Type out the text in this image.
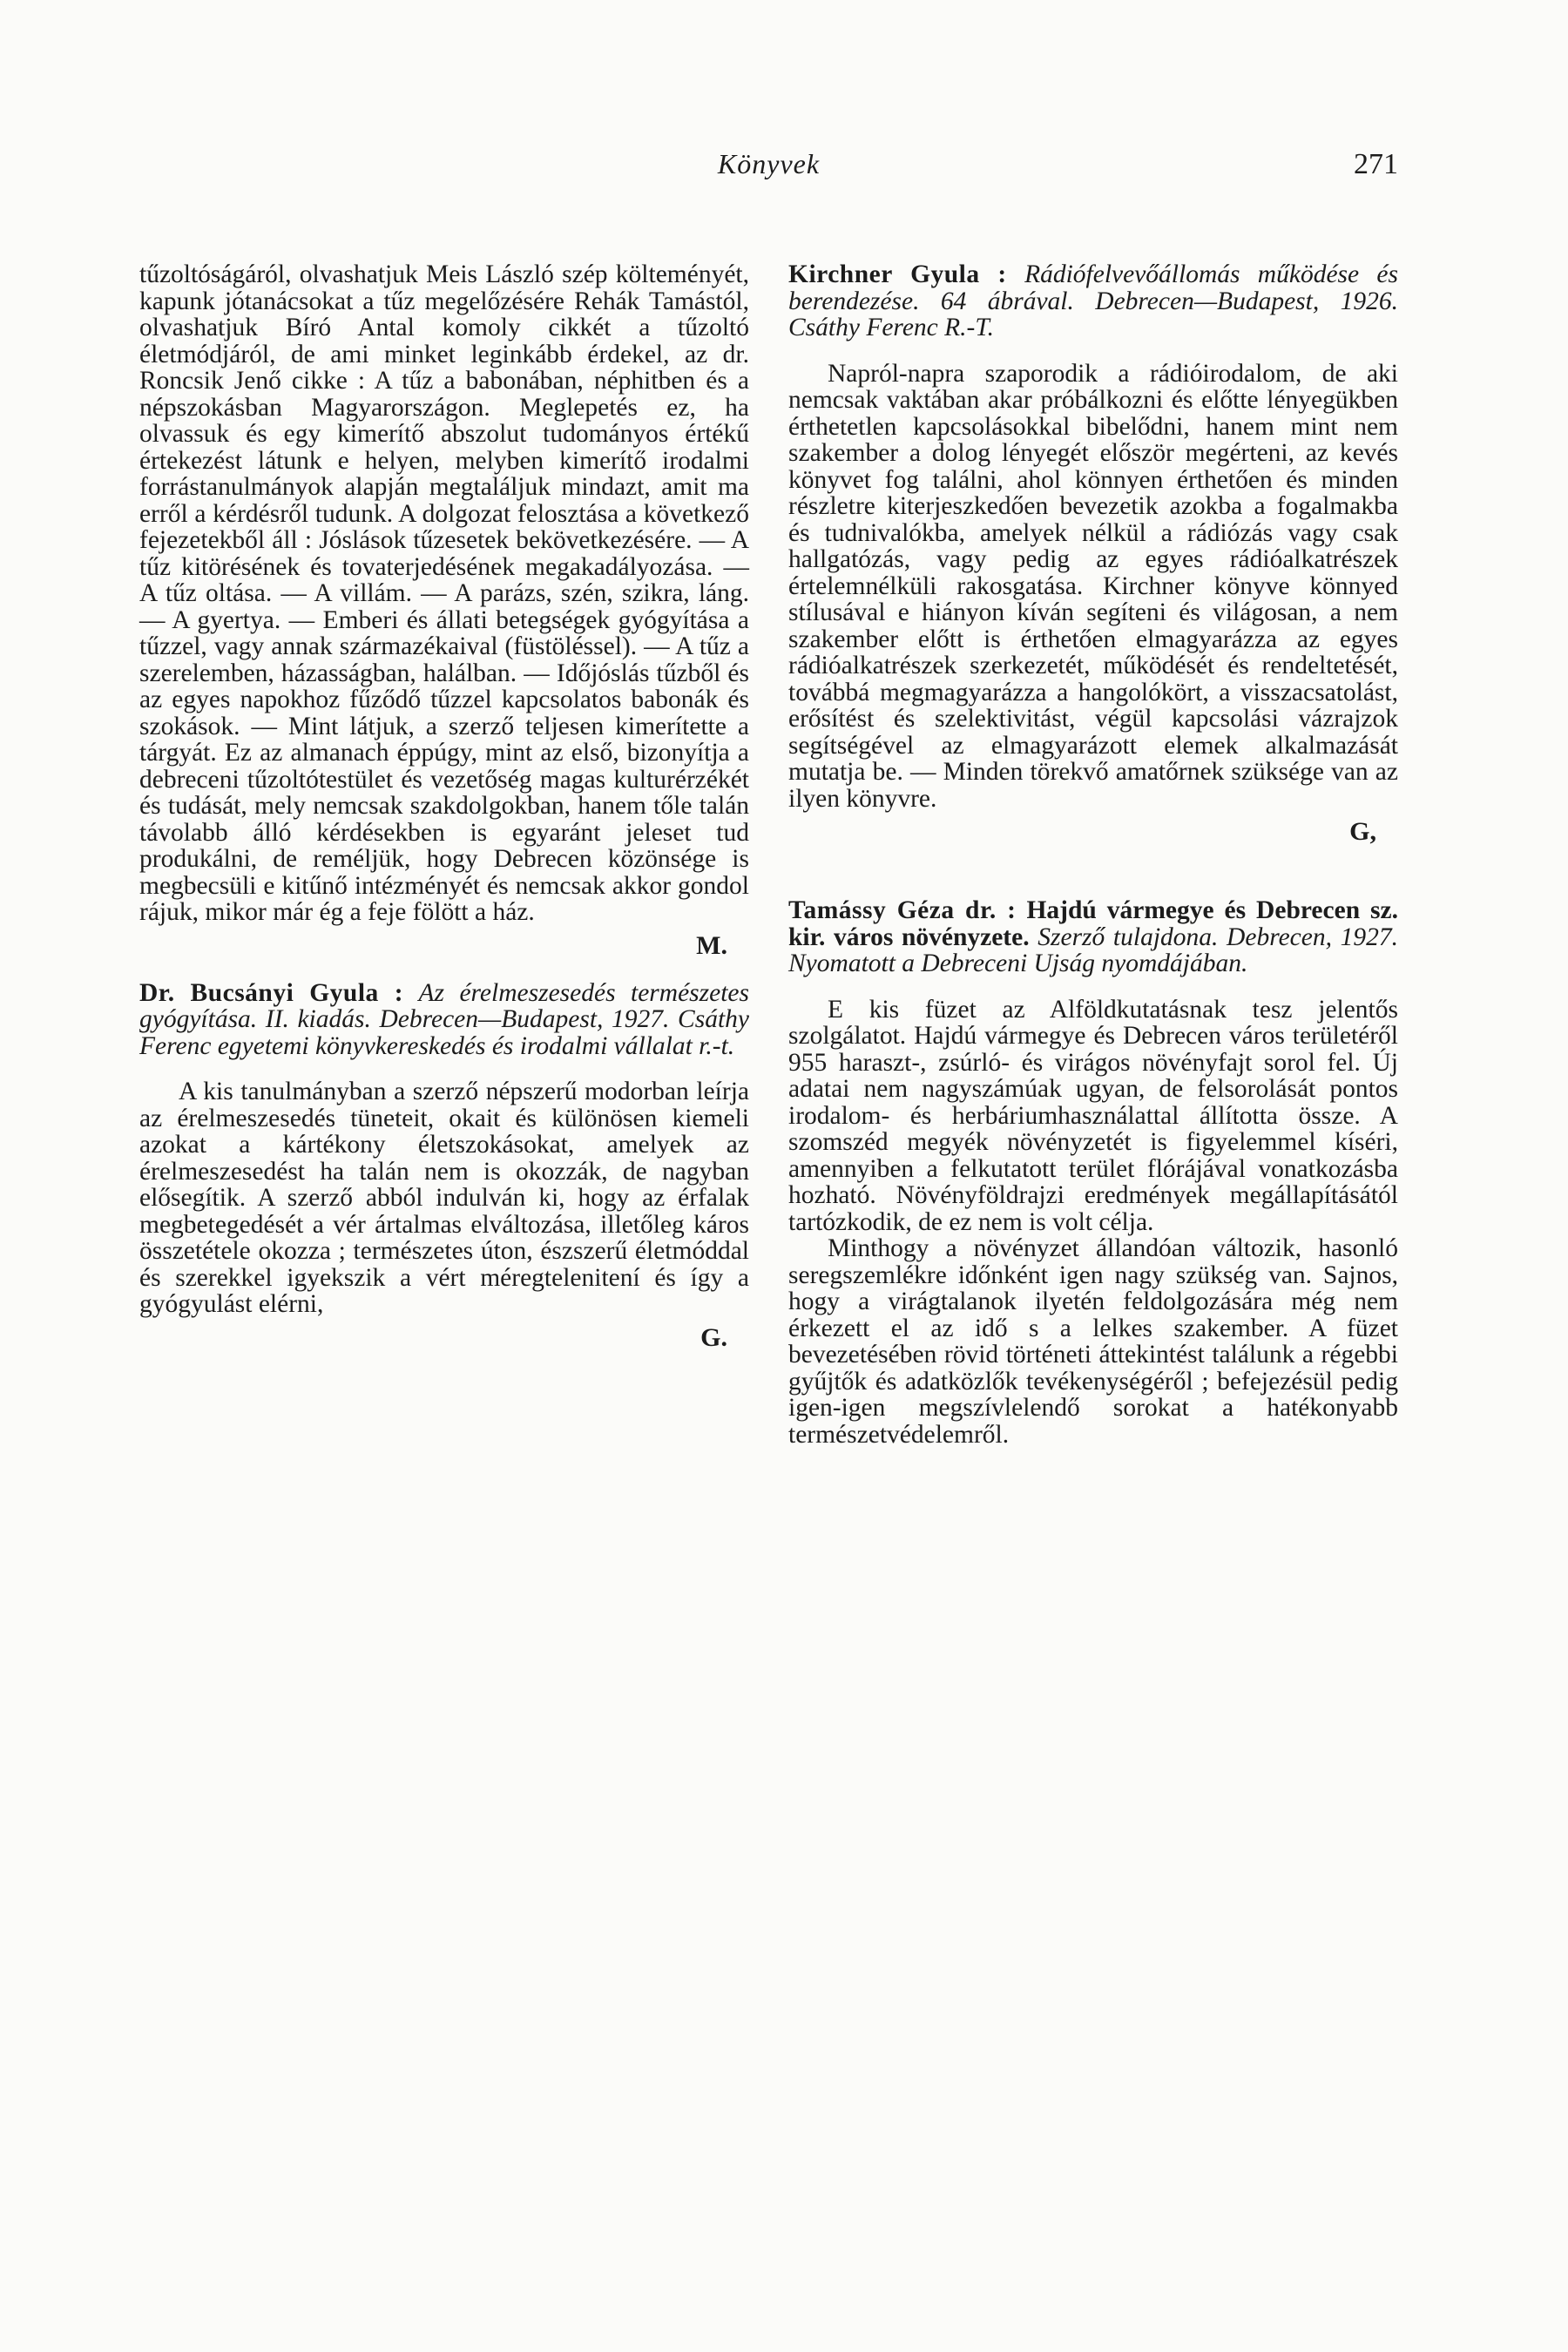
Könyvek	271

tűzoltóságáról, olvashatjuk Meis László szép költeményét, kapunk jótanácsokat a tűz megelőzésére Rehák Tamástól, olvashatjuk Bíró Antal komoly cikkét a tűzoltó életmódjáról, de ami minket leginkább érdekel, az dr. Roncsik Jenő cikke : A tűz a babonában, néphitben és a népszokásban Magyarországon. Meglepetés ez, ha olvassuk és egy kimerítő abszolut tudományos értékű értekezést látunk e helyen, melyben kimerítő irodalmi forrástanulmányok alapján megtaláljuk mindazt, amit ma erről a kérdésről tudunk. A dolgozat felosztása a következő fejezetekből áll : Jóslások tűzesetek bekövetkezésére. — A tűz kitörésének és tovaterjedésének megakadályozása. — A tűz oltása. — A villám. — A parázs, szén, szikra, láng. — A gyertya. — Emberi és állati betegségek gyógyítása a tűzzel, vagy annak származékaival (füstöléssel). — A tűz a szerelemben, házasságban, halálban. — Időjóslás tűzből és az egyes napokhoz fűződő tűzzel kapcsolatos babonák és szokások. — Mint látjuk, a szerző teljesen kimerítette a tárgyát. Ez az almanach éppúgy, mint az első, bizonyítja a debreceni tűzoltótestület és vezetőség magas kulturérzékét és tudását, mely nemcsak szakdolgokban, hanem tőle talán távolabb álló kérdésekben is egyaránt jeleset tud produkálni, de reméljük, hogy Debrecen közönsége is megbecsüli e kitűnő intézményét és nemcsak akkor gondol rájuk, mikor már ég a feje fölött a ház.

M.
Dr. Bucsányi Gyula : Az érelmeszesedés természetes gyógyítása. II. kiadás. Debrecen—Budapest, 1927. Csáthy Ferenc egyetemi könyvkereskedés és irodalmi vállalat r.-t.

A kis tanulmányban a szerző népszerű modorban leírja az érelmeszesedés tüneteit, okait és különösen kiemeli azokat a kártékony életszokásokat, amelyek az érelmeszesedést ha talán nem is okozzák, de nagyban elősegítik. A szerző abból indulván ki, hogy az érfalak megbetegedését a vér ártalmas elváltozása, illetőleg káros összetétele okozza ; természetes úton, észszerű életmóddal és szerekkel igyekszik a vért méregtelenitení és így a gyógyulást elérni,

G.
Kirchner Gyula : Rádiófelvevőállomás működése és berendezése. 64 ábrával. Debrecen—Budapest, 1926. Csáthy Ferenc R.-T.

Napról-napra szaporodik a rádióirodalom, de aki nemcsak vaktában akar próbálkozni és előtte lényegükben érthetetlen kapcsolásokkal bibelődni, hanem mint nem szakember a dolog lényegét először megérteni, az kevés könyvet fog találni, ahol könnyen érthetően és minden részletre kiterjeszkedően bevezetik azokba a fogalmakba és tudnivalókba, amelyek nélkül a rádiózás vagy csak hallgatózás, vagy pedig az egyes rádióalkatrészek értelemnélküli rakosgatása. Kirchner könyve könnyed stílusával e hiányon kíván segíteni és világosan, a nem szakember előtt is érthetően elmagyarázza az egyes rádióalkatrészek szerkezetét, működését és rendeltetését, továbbá megmagyarázza a hangolókört, a visszacsatolást, erősítést és szelektivitást, végül kapcsolási vázrajzok segítségével az elmagyarázott elemek alkalmazását mutatja be. — Minden törekvő amatőrnek szüksége van az ilyen könyvre.

G,
Tamássy Géza dr. : Hajdú vármegye és Debrecen sz. kir. város növényzete. Szerző tulajdona. Debrecen, 1927. Nyomatott a Debreceni Ujság nyomdájában.

E kis füzet az Alföldkutatásnak tesz jelentős szolgálatot. Hajdú vármegye és Debrecen város területéről 955 haraszt-, zsúrló- és virágos növényfajt sorol fel. Új adatai nem nagyszámúak ugyan, de felsorolását pontos irodalom- és herbáriumhasználattal állította össze. A szomszéd megyék növényzetét is figyelemmel kíséri, amennyiben a felkutatott terület flórájával vonatkozásba hozható. Növényföldrajzi eredmények megállapításától tartózkodik, de ez nem is volt célja.

Minthogy a növényzet állandóan változik, hasonló seregszemlékre időnként igen nagy szükség van. Sajnos, hogy a virágtalanok ilyetén feldolgozására még nem érkezett el az idő s a lelkes szakember. A füzet bevezetésében rövid történeti áttekintést találunk a régebbi gyűjtők és adatközlők tevékenységéről ; befejezésül pedig igen-igen megszívlelendő sorokat a hatékonyabb természetvédelemről.
